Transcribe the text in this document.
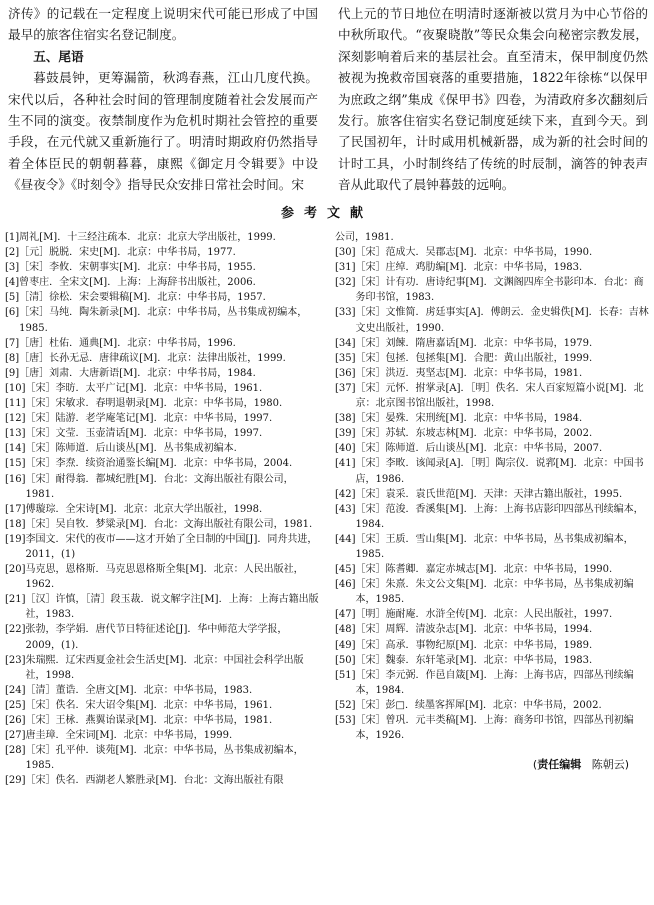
济传》的记载在一定程度上说明宋代可能已形成了中国最早的旅客住宿实名登记制度。

五、尾语

暮鼓晨钟，更筹漏箭，秋鸿春燕，江山几度代换。宋代以后，各种社会时间的管理制度随着社会发展而产生不同的演变。夜禁制度作为危机时期社会管控的重要手段，在元代就又重新施行了。明清时期政府仍然指导着全体臣民的朝朝暮暮，康熙《御定月令辑要》中设《昼夜令》《时刻令》指导民众安排日常社会时间。宋

代上元的节日地位在明清时逐渐被以赏月为中心节俗的中秋所取代。“夜聚晓散”等民众集会向秘密宗教发展，深刻影响着后来的基层社会。直至清末，保甲制度仍然被视为挽救帝国衰落的重要措施，1822年徐栋“以保甲为庶政之纲”集成《保甲书》四卷，为清政府多次翻刻后发行。旅客住宿实名登记制度延续下来，直到今天。到了民国初年，计时咸用机械新器，成为新的社会时间的计时工具，小时制终结了传统的时辰制，滴答的钟表声音从此取代了晨钟暮鼓的远响。

参考文献
[1] 周礼[M]．十三经注疏本．北京：北京大学出版社，1999.
[2] ［元］脱脱．宋史[M]．北京：中华书局，1977.
[3] ［宋］李攸．宋朝事实[M]．北京：中华书局，1955.
[4] 曾枣庄．全宋文[M]．上海：上海辞书出版社，2006.
[5] ［清］徐松．宋会要辑稿[M]．北京：中华书局，1957.
[6] ［宋］马纯．陶朱新录[M]．北京：中华书局，丛书集成初编本，1985.
[7] ［唐］杜佑．通典[M]．北京：中华书局，1996.
[8] ［唐］长孙无忌．唐律疏议[M]．北京：法律出版社，1999.
[9] ［唐］刘肃．大唐新语[M]．北京：中华书局，1984.
[10] ［宋］李昉．太平广记[M]．北京：中华书局，1961.
[11] ［宋］宋敏求．春明退朝录[M]．北京：中华书局，1980.
[12] ［宋］陆游．老学庵笔记[M]．北京：中华书局，1997.
[13] ［宋］文莹．玉壶清话[M]．北京：中华书局，1997.
[14] ［宋］陈师道．后山谈丛[M]．丛书集成初编本.
[15] ［宋］李焘．续资治通鉴长编[M]．北京：中华书局，2004.
[16] ［宋］耐得翁．都城纪胜[M]．台北：文海出版社有限公司，1981.
[17] 傅璇琮．全宋诗[M]．北京：北京大学出版社，1998.
[18] ［宋］吴自牧．梦粱录[M]．台北：文海出版社有限公司，1981.
[19] 李国文．宋代的夜市——这才开始了全日制的中国[J]．同舟共进，2011，(1)
[20] 马克思，恩格斯．马克思恩格斯全集[M]．北京：人民出版社，1962.
[21] ［汉］许慎，［清］段玉裁．说文解字注[M]．上海：上海古籍出版社，1983.
[22] 张勃，李学娟．唐代节日特征述论[J]．华中师范大学学报，2009，(1).
[23] 朱瑞熙．辽宋西夏金社会生活史[M]．北京：中国社会科学出版社，1998.
[24] ［清］董诰．全唐文[M]．北京：中华书局，1983.
[25] ［宋］佚名．宋大诏令集[M]．北京：中华书局，1961.
[26] ［宋］王栐．燕翼诒谋录[M]．北京：中华书局，1981.
[27] 唐圭璋．全宋词[M]．北京：中华书局，1999.
[28] ［宋］孔平仲．谈苑[M]．北京：中华书局，丛书集成初编本，1985.
[29] ［宋］佚名．西湖老人繁胜录[M]．台北：文海出版社有限
公司，1981.
[30] ［宋］范成大．吴郡志[M]．北京：中华书局，1990.
[31] ［宋］庄绰．鸡肋编[M]．北京：中华书局，1983.
[32] ［宋］计有功．唐诗纪事[M]．文渊阁四库全书影印本．台北：商务印书馆，1983.
[33] ［宋］文惟简．虏廷事实[A]．傅朗云．金史辑佚[M]．长春：吉林文史出版社，1990.
[34] ［宋］刘餗．隋唐嘉话[M]．北京：中华书局，1979.
[35] ［宋］包拯．包拯集[M]．合肥：黄山出版社，1999.
[36] ［宋］洪迈．夷坚志[M]．北京：中华书局，1981.
[37] ［宋］元怀．拊掌录[A]．［明］佚名．宋人百家短篇小说[M]．北京：北京图书馆出版社，1998.
[38] ［宋］晏殊．宋刑统[M]．北京：中华书局，1984.
[39] ［宋］苏轼．东坡志林[M]．北京：中华书局，2002.
[40] ［宋］陈师道．后山谈丛[M]．北京：中华书局，2007.
[41] ［宋］李畋．该闻录[A]．［明］陶宗仪．说郛[M]．北京：中国书店，1986.
[42] ［宋］袁采．袁氏世范[M]．天津：天津古籍出版社，1995.
[43] ［宋］范浚．香溪集[M]．上海：上海书店影印四部丛刊续编本，1984.
[44] ［宋］王质．雪山集[M]．北京：中华书局，丛书集成初编本，1985.
[45] ［宋］陈耆卿．嘉定赤城志[M]．北京：中华书局，1990.
[46] ［宋］朱熹．朱文公文集[M]．北京：中华书局，丛书集成初编本，1985.
[47] ［明］施耐庵．水浒全传[M]．北京：人民出版社，1997.
[48] ［宋］周辉．清波杂志[M]．北京：中华书局，1994.
[49] ［宋］高承．事物纪原[M]．北京：中华书局，1989.
[50] ［宋］魏泰．东轩笔录[M]．北京：中华书局，1983.
[51] ［宋］李元弼．作邑自箴[M]．上海：上海书店，四部丛刊续编本，1984.
[52] ［宋］彭□．续墨客挥犀[M]．北京：中华书局，2002.
[53] ［宋］曾巩．元丰类稿[M]．上海：商务印书馆，四部丛刊初编本，1926.
(责任编辑 陈朝云)
